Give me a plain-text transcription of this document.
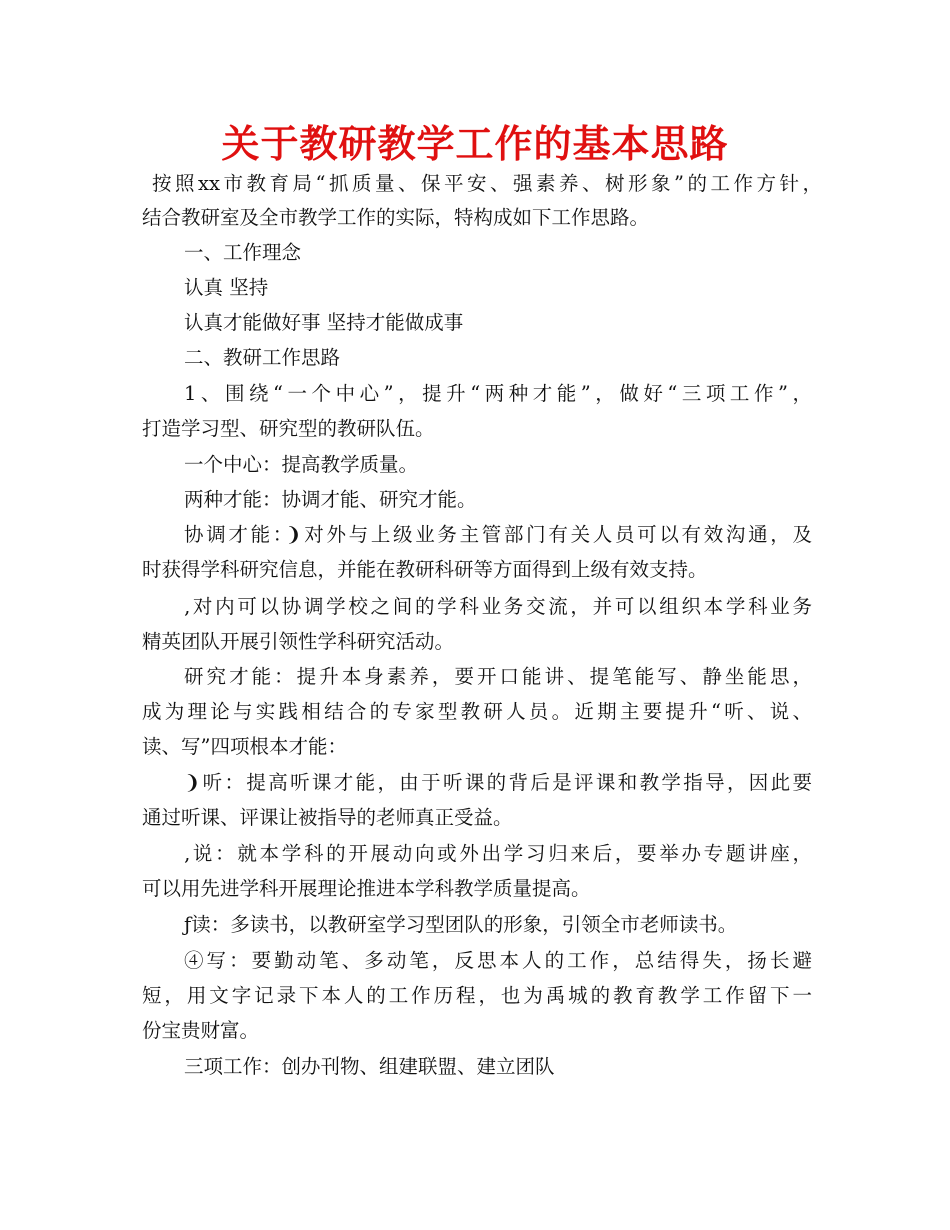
关于教研教学工作的基本思路
按照xx市教育局“抓质量、保平安、强素养、树形象”的工作方针，
结合教研室及全市教学工作的实际，特构成如下工作思路。
一、工作理念
认真 坚持
认真才能做好事 坚持才能做成事
二、教研工作思路
1、围绕“一个中心”，提升“两种才能”，做好“三项工作”，
打造学习型、研究型的教研队伍。
一个中心：提高教学质量。
两种才能：协调才能、研究才能。
协调才能：❩对外与上级业务主管部门有关人员可以有效沟通，及
时获得学科研究信息，并能在教研科研等方面得到上级有效支持。
‚对内可以协调学校之间的学科业务交流，并可以组织本学科业务
精英团队开展引领性学科研究活动。
研究才能：提升本身素养，要开口能讲、提笔能写、静坐能思，
成为理论与实践相结合的专家型教研人员。近期主要提升“听、说、
读、写”四项根本才能：
❩听：提高听课才能，由于听课的背后是评课和教学指导，因此要
通过听课、评课让被指导的老师真正受益。
‚说：就本学科的开展动向或外出学习归来后，要举办专题讲座，
可以用先进学科开展理论推进本学科教学质量提高。
ƒ读：多读书，以教研室学习型团队的形象，引领全市老师读书。
④写：要勤动笔、多动笔，反思本人的工作，总结得失，扬长避
短，用文字记录下本人的工作历程，也为禹城的教育教学工作留下一
份宝贵财富。
三项工作：创办刊物、组建联盟、建立团队
